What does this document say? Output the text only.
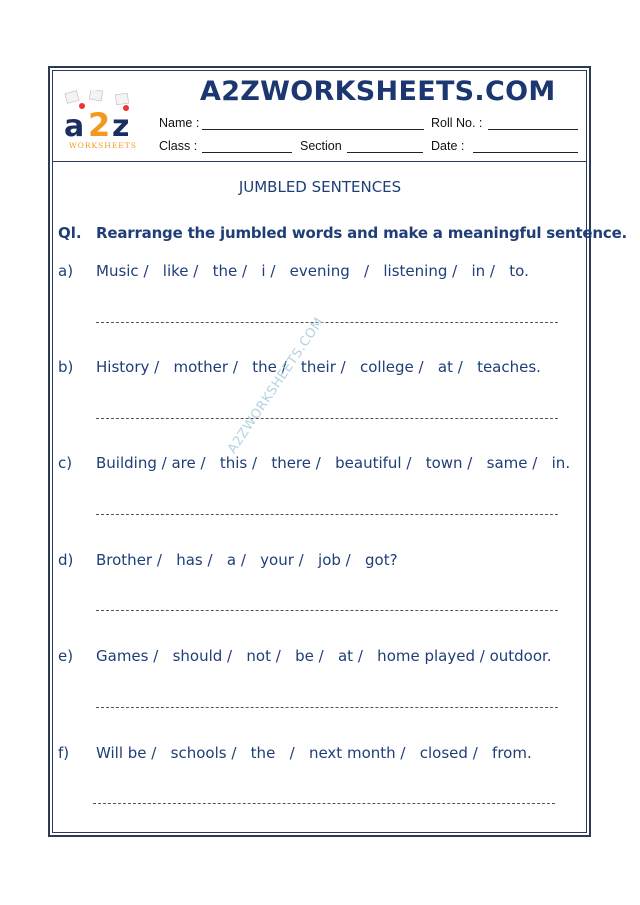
a 2 z
WORKSHEETS
A2ZWORKSHEETS.COM
Name :	Roll No. :
Class :	Section	Date :
JUMBLED SENTENCES
Ql. Rearrange the jumbled words and make a meaningful sentence.
a) Music /   like /   the /   i /   evening   /   listening /   in /   to.
b) History /   mother /   the /   their /   college /   at /   teaches.
c) Building / are /   this /   there /   beautiful /   town /   same /   in.
d) Brother /   has /   a /   your /   job /   got?
e) Games /   should /   not /   be /   at /   home played / outdoor.
f) Will be /   schools /   the   /   next month /   closed /   from.
A2ZWORKSHEETS.COM
